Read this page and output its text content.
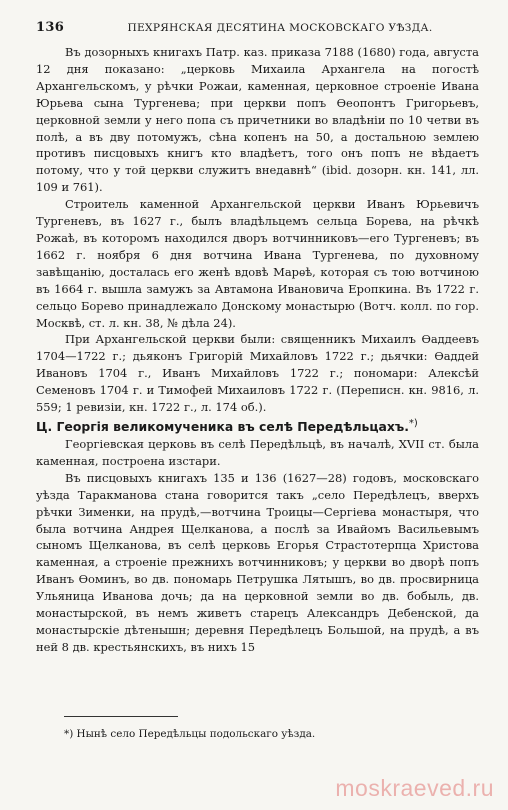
136	ПЕХРЯНСКАЯ ДЕСЯТИНА МОСКОВСКАГО УѢЗДА.

Въ дозорныхъ книгахъ Патр. каз. приказа 7188 (1680) года, августа 12 дня показано: „церковь Михаила Архангела на погостѣ Архангельскомъ, у рѣчки Рожаи, каменная, церковное строеніе Ивана Юрьева сына Тургенева; при церкви попъ Ѳеопонтъ Григорьевъ, церковной земли у него попа съ причетники во владѣніи по 10 четви въ полѣ, а въ дву потомужъ, сѣна копенъ на 50, а достальною землею противъ писцовыхъ книгъ кто владѣетъ, того онъ попъ не вѣдаетъ потому, что у той церкви служитъ внедавнѣ“ (ibid. дозорн. кн. 141, лл. 109 и 761).

Строитель каменной Архангельской церкви Иванъ Юрьевичъ Тургеневъ, въ 1627 г., былъ владѣльцемъ сельца Борева, на рѣчкѣ Рожаѣ, въ которомъ находился дворъ вотчинниковъ—его Тургеневъ; въ 1662 г. ноября 6 дня вотчина Ивана Тургенева, по духовному завѣщанію, досталась его женѣ вдовѣ Марѳѣ, которая съ тою вотчиною въ 1664 г. вышла замужъ за Автамона Ивановича Еропкина. Въ 1722 г. сельцо Борево принадлежало Донскому монастырю (Вотч. колл. по гор. Москвѣ, ст. л. кн. 38, № дѣла 24).

При Архангельской церкви были: священникъ Михаилъ Ѳаддеевъ 1704—1722 г.; дьяконъ Григорій Михайловъ 1722 г.; дьячки: Ѳаддей Ивановъ 1704 г., Иванъ Михайловъ 1722 г.; пономари: Алексѣй Семеновъ 1704 г. и Тимофей Михаиловъ 1722 г. (Переписн. кн. 9816, л. 559; 1 ревизіи, кн. 1722 г., л. 174 об.).

Ц. Георгія великомученика въ селѣ Передѣльцахъ.*)

Георгіевская церковь въ селѣ Передѣльцѣ, въ началѣ, XVII ст. была каменная, построена изстари.

Въ писцовыхъ книгахъ 135 и 136 (1627—28) годовъ, московскаго уѣзда Таракманова стана говорится такъ „село Передѣлецъ, вверхъ рѣчки Зименки, на прудѣ,—вотчина Троицы—Сергіева монастыря, что была вотчина Андрея Щелканова, а послѣ за Ивайомъ Васильевымъ сыномъ Щелканова, въ селѣ церковь Егорья Страстотерпца Христова каменная, а строеніе прежнихъ вотчинниковъ; у церкви во дворѣ попъ Иванъ Ѳоминъ, во дв. пономарь Петрушка Лятышъ, во дв. просвирница Ульяница Иванова дочь; да на церковной земли во дв. бобыль, дв. монастырской, въ немъ живетъ старецъ Александръ Дебенской, да монастырскіе дѣтенышн; деревня Передѣлецъ Большой, на прудѣ, а въ ней 8 дв. крестьянскихъ, въ нихъ 15

*) Нынѣ село Передѣльцы подольскаго уѣзда.
moskraeved.ru
